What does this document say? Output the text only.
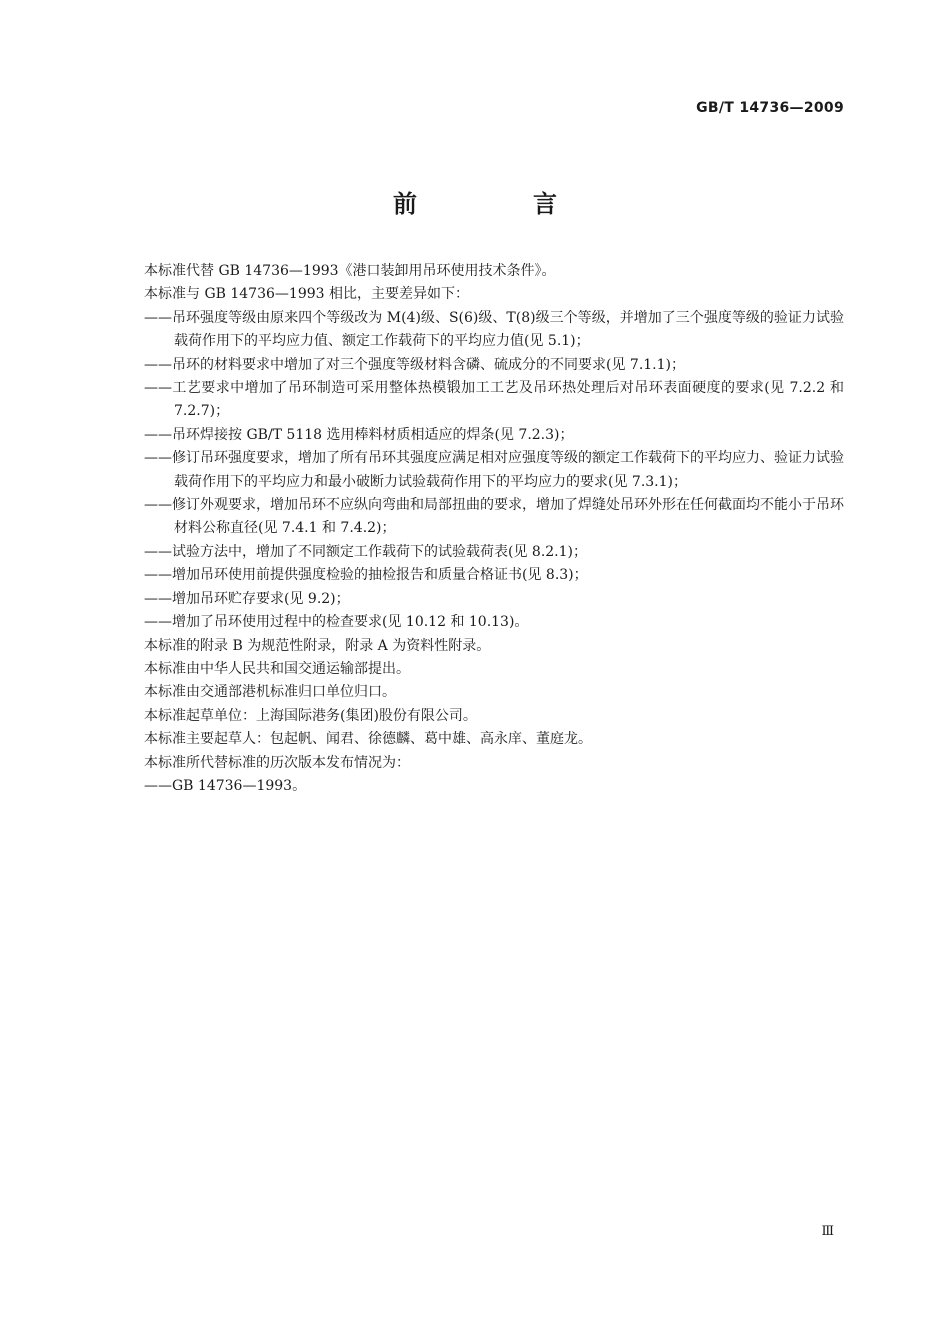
GB/T 14736—2009
前　言

本标准代替 GB 14736—1993《港口装卸用吊环使用技术条件》。

本标准与 GB 14736—1993 相比，主要差异如下：

——吊环强度等级由原来四个等级改为 M(4)级、S(6)级、T(8)级三个等级，并增加了三个强度等级的验证力试验载荷作用下的平均应力值、额定工作载荷下的平均应力值(见 5.1)；

——吊环的材料要求中增加了对三个强度等级材料含磷、硫成分的不同要求(见 7.1.1)；

——工艺要求中增加了吊环制造可采用整体热模锻加工工艺及吊环热处理后对吊环表面硬度的要求(见 7.2.2 和 7.2.7)；

——吊环焊接按 GB/T 5118 选用棒料材质相适应的焊条(见 7.2.3)；

——修订吊环强度要求，增加了所有吊环其强度应满足相对应强度等级的额定工作载荷下的平均应力、验证力试验载荷作用下的平均应力和最小破断力试验载荷作用下的平均应力的要求(见 7.3.1)；

——修订外观要求，增加吊环不应纵向弯曲和局部扭曲的要求，增加了焊缝处吊环外形在任何截面均不能小于吊环材料公称直径(见 7.4.1 和 7.4.2)；

——试验方法中，增加了不同额定工作载荷下的试验载荷表(见 8.2.1)；

——增加吊环使用前提供强度检验的抽检报告和质量合格证书(见 8.3)；

——增加吊环贮存要求(见 9.2)；

——增加了吊环使用过程中的检查要求(见 10.12 和 10.13)。

本标准的附录 B 为规范性附录，附录 A 为资料性附录。

本标准由中华人民共和国交通运输部提出。

本标准由交通部港机标准归口单位归口。

本标准起草单位：上海国际港务(集团)股份有限公司。

本标准主要起草人：包起帆、闻君、徐德麟、葛中雄、高永庠、董庭龙。

本标准所代替标准的历次版本发布情况为：

——GB 14736—1993。

Ⅲ
